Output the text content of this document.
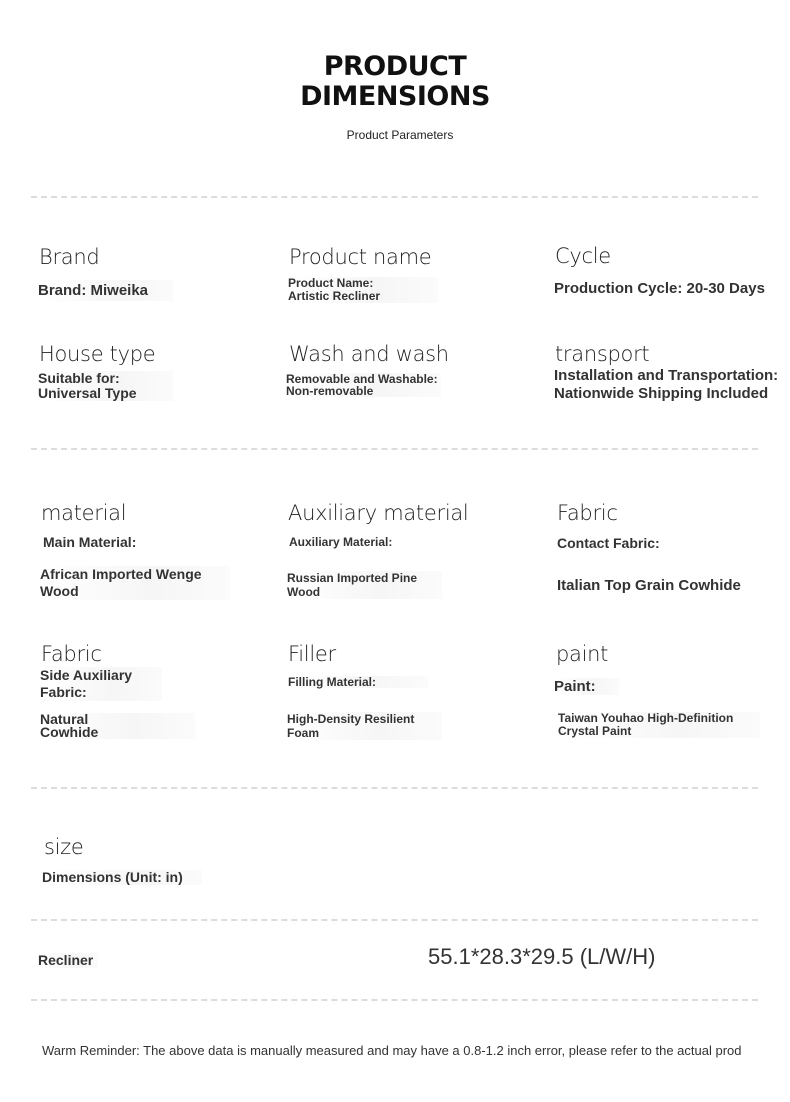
PRODUCT
DIMENSIONS
Product Parameters
Brand
Brand: Miweika
Product name
Product Name:
Artistic Recliner
Cycle
Production Cycle: 20-30 Days
House type
Suitable for:
Universal Type
Wash and wash
Removable and Washable:
Non-removable
transport
Installation and Transportation:
Nationwide Shipping Included
material
Main Material:
African Imported Wenge
Wood
Auxiliary material
Auxiliary Material:
Russian Imported Pine
Wood
Fabric
Contact Fabric:
Italian Top Grain Cowhide
Fabric
Side Auxiliary
Fabric:
Natural
Cowhide
Filler
Filling Material:
High-Density Resilient
Foam
paint
Paint:
Taiwan Youhao High-Definition
Crystal Paint
size
Dimensions (Unit: in)
Recliner	55.1*28.3*29.5 (L/W/H)
Warm Reminder: The above data is manually measured and may have a 0.8-1.2 inch error, please refer to the actual prod
